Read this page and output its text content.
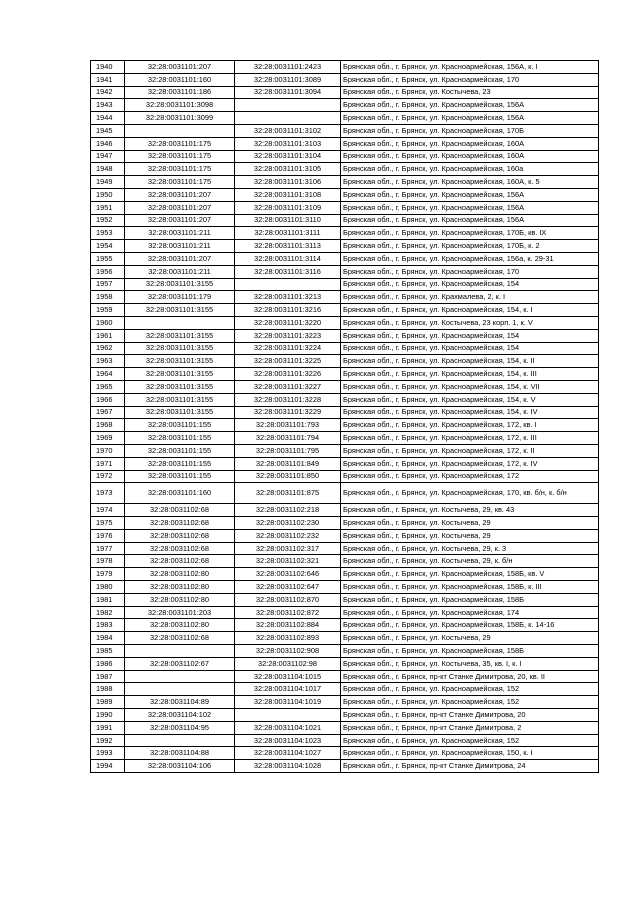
1940	32:28:0031101:207	32:28:0031101:2423	Брянская обл., г. Брянск, ул. Красноармейская, 156А, к. I
1941	32:28:0031101:160	32:28:0031101:3089	Брянская обл., г. Брянск, ул. Красноармейская, 170
1942	32:28:0031101:186	32:28:0031101:3094	Брянская обл., г. Брянск, ул. Костычева, 23
1943	32:28:0031101:3098		Брянская обл., г. Брянск, ул. Красноармейская, 156А
1944	32:28:0031101:3099		Брянская обл., г. Брянск, ул. Красноармейская, 156А
1945		32:28:0031101:3102	Брянская обл., г. Брянск, ул. Красноармейская, 170Б
1946	32:28:0031101:175	32:28:0031101:3103	Брянская обл., г. Брянск, ул. Красноармейская, 160А
1947	32:28:0031101:175	32:28:0031101:3104	Брянская обл., г. Брянск, ул. Красноармейская, 160А
1948	32:28:0031101:175	32:28:0031101:3105	Брянская обл., г. Брянск, ул. Красноармейская, 160а
1949	32:28:0031101:175	32:28:0031101:3106	Брянская обл., г. Брянск, ул. Красноармейская, 160А, к. 5
1950	32:28:0031101:207	32:28:0031101:3108	Брянская обл., г. Брянск, ул. Красноармейская, 156А
1951	32:28:0031101:207	32:28:0031101:3109	Брянская обл., г. Брянск, ул. Красноармейская, 156А
1952	32:28:0031101:207	32:28:0031101:3110	Брянская обл., г. Брянск, ул. Красноармейская, 156А
1953	32:28:0031101:211	32:28:0031101:3111	Брянская обл., г. Брянск, ул. Красноармейская, 170Б, кв. IX
1954	32:28:0031101:211	32:28:0031101:3113	Брянская обл., г. Брянск, ул. Красноармейская, 170Б, к. 2
1955	32:28:0031101:207	32:28:0031101:3114	Брянская обл., г. Брянск, ул. Красноармейская, 156а, к. 29-31
1956	32:28:0031101:211	32:28:0031101:3116	Брянская обл., г. Брянск, ул. Красноармейская, 170
1957	32:28:0031101:3155		Брянская обл., г. Брянск, ул. Красноармейская, 154
1958	32:28:0031101:179	32:28:0031101:3213	Брянская обл., г. Брянск, ул. Крахмалева, 2, к. I
1959	32:28:0031101:3155	32:28:0031101:3216	Брянская обл., г. Брянск, ул. Красноармейская, 154, к. I
1960		32:28:0031101:3220	Брянская обл., г. Брянск, ул. Костычева, 23 корп. 1, к. V
1961	32:28:0031101:3155	32:28:0031101:3223	Брянская обл., г. Брянск, ул. Красноармейская, 154
1962	32:28:0031101:3155	32:28:0031101:3224	Брянская обл., г. Брянск, ул. Красноармейская, 154
1963	32:28:0031101:3155	32:28:0031101:3225	Брянская обл., г. Брянск, ул. Красноармейская, 154, к. II
1964	32:28:0031101:3155	32:28:0031101:3226	Брянская обл., г. Брянск, ул. Красноармейская, 154, к. III
1965	32:28:0031101:3155	32:28:0031101:3227	Брянская обл., г. Брянск, ул. Красноармейская, 154, к. VII
1966	32:28:0031101:3155	32:28:0031101:3228	Брянская обл., г. Брянск, ул. Красноармейская, 154, к. V
1967	32:28:0031101:3155	32:28:0031101:3229	Брянская обл., г. Брянск, ул. Красноармейская, 154, к. IV
1968	32:28:0031101:155	32:28:0031101:793	Брянская обл., г. Брянск, ул. Красноармейская, 172, кв. I
1969	32:28:0031101:155	32:28:0031101:794	Брянская обл., г. Брянск, ул. Красноармейская, 172, к. III
1970	32:28:0031101:155	32:28:0031101:795	Брянская обл., г. Брянск, ул. Красноармейская, 172, к. II
1971	32:28:0031101:155	32:28:0031101:849	Брянская обл., г. Брянск, ул. Красноармейская, 172, к. IV
1972	32:28:0031101:155	32:28:0031101:850	Брянская обл., г. Брянск, ул. Красноармейская, 172
1973	32:28:0031101:160	32:28:0031101:875	Брянская обл., г. Брянск, ул. Красноармейская, 170, кв. б/н, к. б/н
1974	32:28:0031102:68	32:28:0031102:218	Брянская обл., г. Брянск, ул. Костычева, 29, кв. 43
1975	32:28:0031102:68	32:28:0031102:230	Брянская обл., г. Брянск, ул. Костычева, 29
1976	32:28:0031102:68	32:28:0031102:232	Брянская обл., г. Брянск, ул. Костычева, 29
1977	32:28:0031102:68	32:28:0031102:317	Брянская обл., г. Брянск, ул. Костычева, 29, к. 3
1978	32:28:0031102:68	32:28:0031102:321	Брянская обл., г. Брянск, ул. Костычева, 29, к. б/н
1979	32:28:0031102:80	32:28:0031102:646	Брянская обл., г. Брянск, ул. Красноармейская, 158Б, кв. V
1980	32:28:0031102:80	32:28:0031102:647	Брянская обл., г. Брянск, ул. Красноармейская, 158Б, к. III
1981	32:28:0031102:80	32:28:0031102:870	Брянская обл., г. Брянск, ул. Красноармейская, 158Б
1982	32:28:0031101:203	32:28:0031102:872	Брянская обл., г. Брянск, ул. Красноармейская, 174
1983	32:28:0031102:80	32:28:0031102:884	Брянская обл., г. Брянск, ул. Красноармейская, 158Б, к. 14-16
1984	32:28:0031102:68	32:28:0031102:893	Брянская обл., г. Брянск, ул. Костычева, 29
1985		32:28:0031102:908	Брянская обл., г. Брянск, ул. Красноармейская, 158Б
1986	32:28:0031102:67	32:28:0031102:98	Брянская обл., г. Брянск, ул. Костычева, 35, кв. I, к. I
1987		32:28:0031104:1015	Брянская обл., г. Брянск, пр-кт Станке Димитрова, 20, кв. II
1988		32:28:0031104:1017	Брянская обл., г. Брянск, ул. Красноармейская, 152
1989	32:28:0031104:89	32:28:0031104:1019	Брянская обл., г. Брянск, ул. Красноармейская, 152
1990	32:28:0031104:102		Брянская обл., г. Брянск, пр-кт Станке Димитрова, 20
1991	32:28:0031104:95	32:28:0031104:1021	Брянская обл., г. Брянск, пр-кт Станке Димитрова, 2
1992		32:28:0031104:1023	Брянская обл., г. Брянск, ул. Красноармейская, 152
1993	32:28:0031104:88	32:28:0031104:1027	Брянская обл., г. Брянск, ул. Красноармейская, 150, к. I
1994	32:28:0031104:106	32:28:0031104:1028	Брянская обл., г. Брянск, пр-кт Станке Димитрова, 24
